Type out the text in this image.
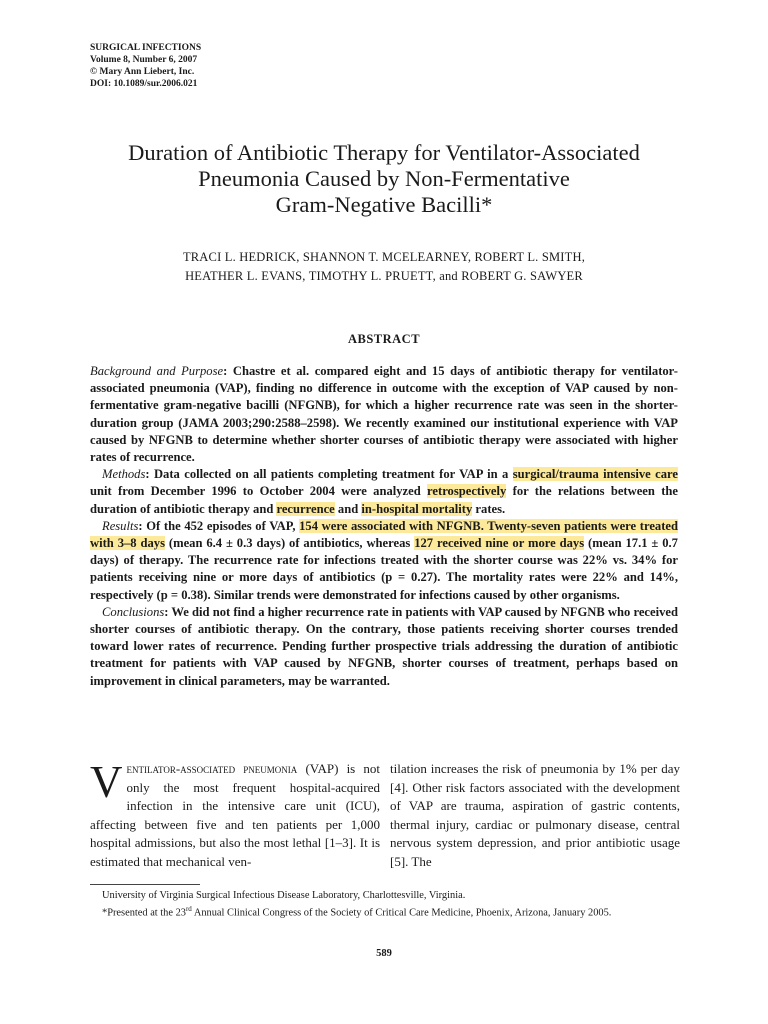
SURGICAL INFECTIONS
Volume 8, Number 6, 2007
© Mary Ann Liebert, Inc.
DOI: 10.1089/sur.2006.021
Duration of Antibiotic Therapy for Ventilator-Associated
Pneumonia Caused by Non-Fermentative
Gram-Negative Bacilli*
TRACI L. HEDRICK, SHANNON T. MCELEARNEY, ROBERT L. SMITH,
HEATHER L. EVANS, TIMOTHY L. PRUETT, and ROBERT G. SAWYER
ABSTRACT

Background and Purpose: Chastre et al. compared eight and 15 days of antibiotic therapy for ventilator-associated pneumonia (VAP), finding no difference in outcome with the exception of VAP caused by non-fermentative gram-negative bacilli (NFGNB), for which a higher recurrence rate was seen in the shorter-duration group (JAMA 2003;290:2588–2598). We recently examined our institutional experience with VAP caused by NFGNB to determine whether shorter courses of antibiotic therapy were associated with higher rates of recurrence.

Methods: Data collected on all patients completing treatment for VAP in a surgical/trauma intensive care unit from December 1996 to October 2004 were analyzed retrospectively for the relations between the duration of antibiotic therapy and recurrence and in-hospital mortality rates.

Results: Of the 452 episodes of VAP, 154 were associated with NFGNB. Twenty-seven patients were treated with 3–8 days (mean 6.4 ± 0.3 days) of antibiotics, whereas 127 received nine or more days (mean 17.1 ± 0.7 days) of therapy. The recurrence rate for infections treated with the shorter course was 22% vs. 34% for patients receiving nine or more days of antibiotics (p = 0.27). The mortality rates were 22% and 14%, respectively (p = 0.38). Similar trends were demonstrated for infections caused by other organisms.

Conclusions: We did not find a higher recurrence rate in patients with VAP caused by NFGNB who received shorter courses of antibiotic therapy. On the contrary, those patients receiving shorter courses trended toward lower rates of recurrence. Pending further prospective trials addressing the duration of antibiotic treatment for patients with VAP caused by NFGNB, shorter courses of treatment, perhaps based on improvement in clinical parameters, may be warranted.

Ventilator-associated pneumonia (VAP) is not only the most frequent hospital-acquired infection in the intensive care unit (ICU), affecting between five and ten patients per 1,000 hospital admissions, but also the most lethal [1–3]. It is estimated that mechanical ven-
tilation increases the risk of pneumonia by 1% per day [4]. Other risk factors associated with the development of VAP are trauma, aspiration of gastric contents, thermal injury, cardiac or pulmonary disease, central nervous system depression, and prior antibiotic usage [5]. The

University of Virginia Surgical Infectious Disease Laboratory, Charlottesville, Virginia.

*Presented at the 23rd Annual Clinical Congress of the Society of Critical Care Medicine, Phoenix, Arizona, January 2005.

589
